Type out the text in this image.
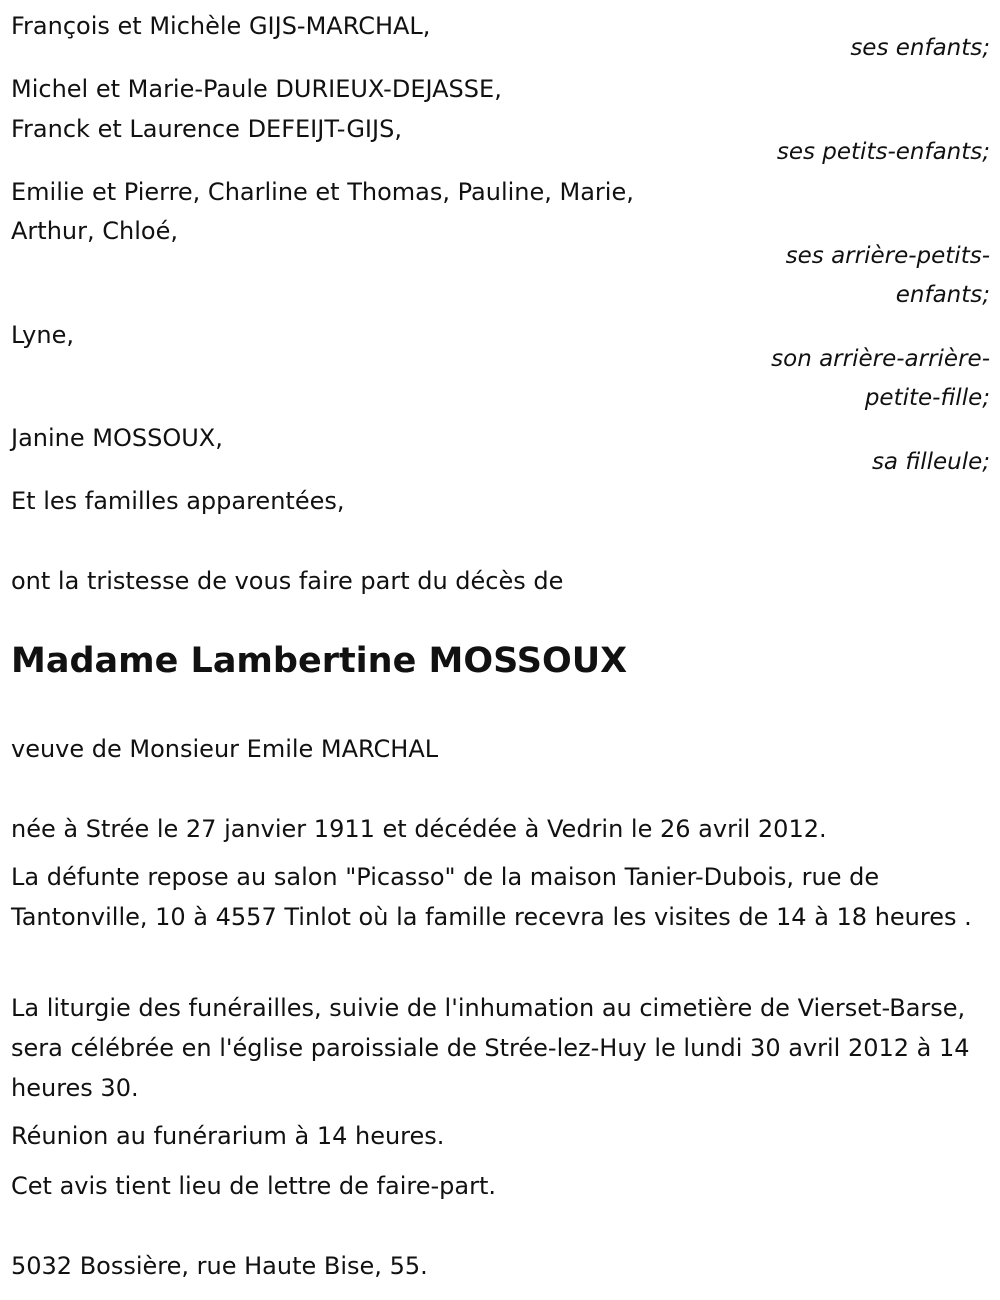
François et Michèle GIJS-MARCHAL,

ses enfants;

Michel et Marie-Paule DURIEUX-DEJASSE,

Franck et Laurence DEFEIJT-GIJS,

ses petits-enfants;

Emilie et Pierre, Charline et Thomas, Pauline, Marie,

Arthur, Chloé,

ses arrière-petits-
enfants;

Lyne,

son arrière-arrière-
petite-fille;

Janine MOSSOUX,

sa filleule;

Et les familles apparentées,

ont la tristesse de vous faire part du décès de

Madame Lambertine MOSSOUX

veuve de Monsieur Emile MARCHAL

née à Strée le 27 janvier 1911 et décédée à Vedrin le 26 avril 2012.

La défunte repose au salon "Picasso" de la maison Tanier-Dubois, rue de Tantonville, 10 à 4557 Tinlot où la famille recevra les visites de 14 à 18 heures .

La liturgie des funérailles, suivie de l'inhumation au cimetière de Vierset-Barse, sera célébrée en l'église paroissiale de Strée-lez-Huy le lundi 30 avril 2012 à 14 heures 30.

Réunion au funérarium à 14 heures.

Cet avis tient lieu de lettre de faire-part.

5032 Bossière, rue Haute Bise, 55.
